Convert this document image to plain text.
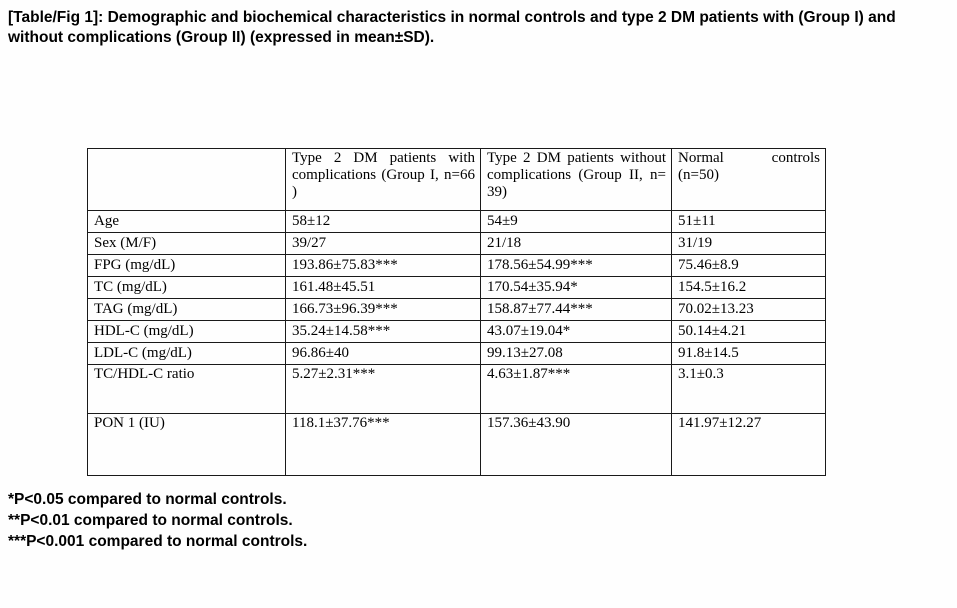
[Table/Fig 1]: Demographic and biochemical characteristics in normal controls and type 2 DM patients with (Group I) and without complications (Group II) (expressed in mean±SD).
	Type 2 DM patients with complications (Group I, n=66 )	Type 2 DM patients without complications (Group II, n= 39)	Normal controls (n=50)
Age	58±12	54±9	51±11
Sex (M/F)	39/27	21/18	31/19
FPG (mg/dL)	193.86±75.83***	178.56±54.99***	75.46±8.9
TC (mg/dL)	161.48±45.51	170.54±35.94*	154.5±16.2
TAG (mg/dL)	166.73±96.39***	158.87±77.44***	70.02±13.23
HDL-C (mg/dL)	35.24±14.58***	43.07±19.04*	50.14±4.21
LDL-C (mg/dL)	96.86±40	99.13±27.08	91.8±14.5
TC/HDL-C ratio	5.27±2.31***	4.63±1.87***	3.1±0.3
PON 1 (IU)	118.1±37.76***	157.36±43.90	141.97±12.27
*P<0.05 compared to normal controls.
**P<0.01 compared to normal controls.
***P<0.001 compared to normal controls.
